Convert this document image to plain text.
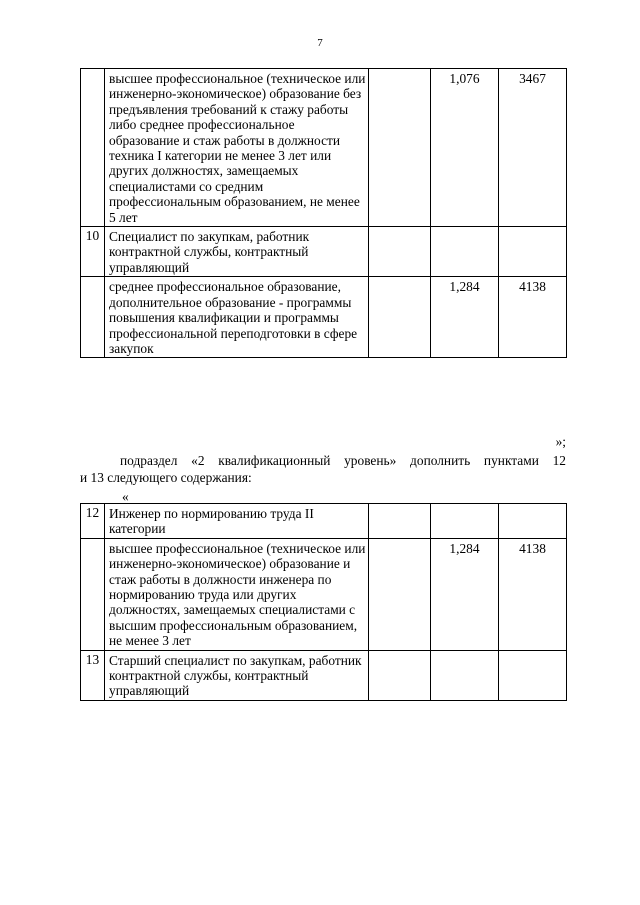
7
	высшее профессиональное (техническое или инженерно-экономическое) образование без предъявления требований к стажу работы либо среднее профессиональное образование и стаж работы в должности техника I категории не менее 3 лет или других должностях, замещаемых специалистами со средним профессиональным образованием, не менее 5 лет		1,076	3467
10	Специалист по закупкам, работник контрактной службы, контрактный управляющий			
	среднее профессиональное образование, дополнительное образование - программы повышения квалификации и программы профессиональной переподготовки в сфере закупок		1,284	4138
»;
подраздел «2 квалификационный уровень» дополнить пунктами 12
и 13 следующего содержания:
«
12	Инженер по нормированию труда II категории			
	высшее профессиональное (техническое или инженерно-экономическое) образование и стаж работы в должности инженера по нормированию труда или других должностях, замещаемых специалистами с высшим профессиональным образованием, не менее 3 лет		1,284	4138
13	Старший специалист по закупкам, работник контрактной службы, контрактный управляющий			
